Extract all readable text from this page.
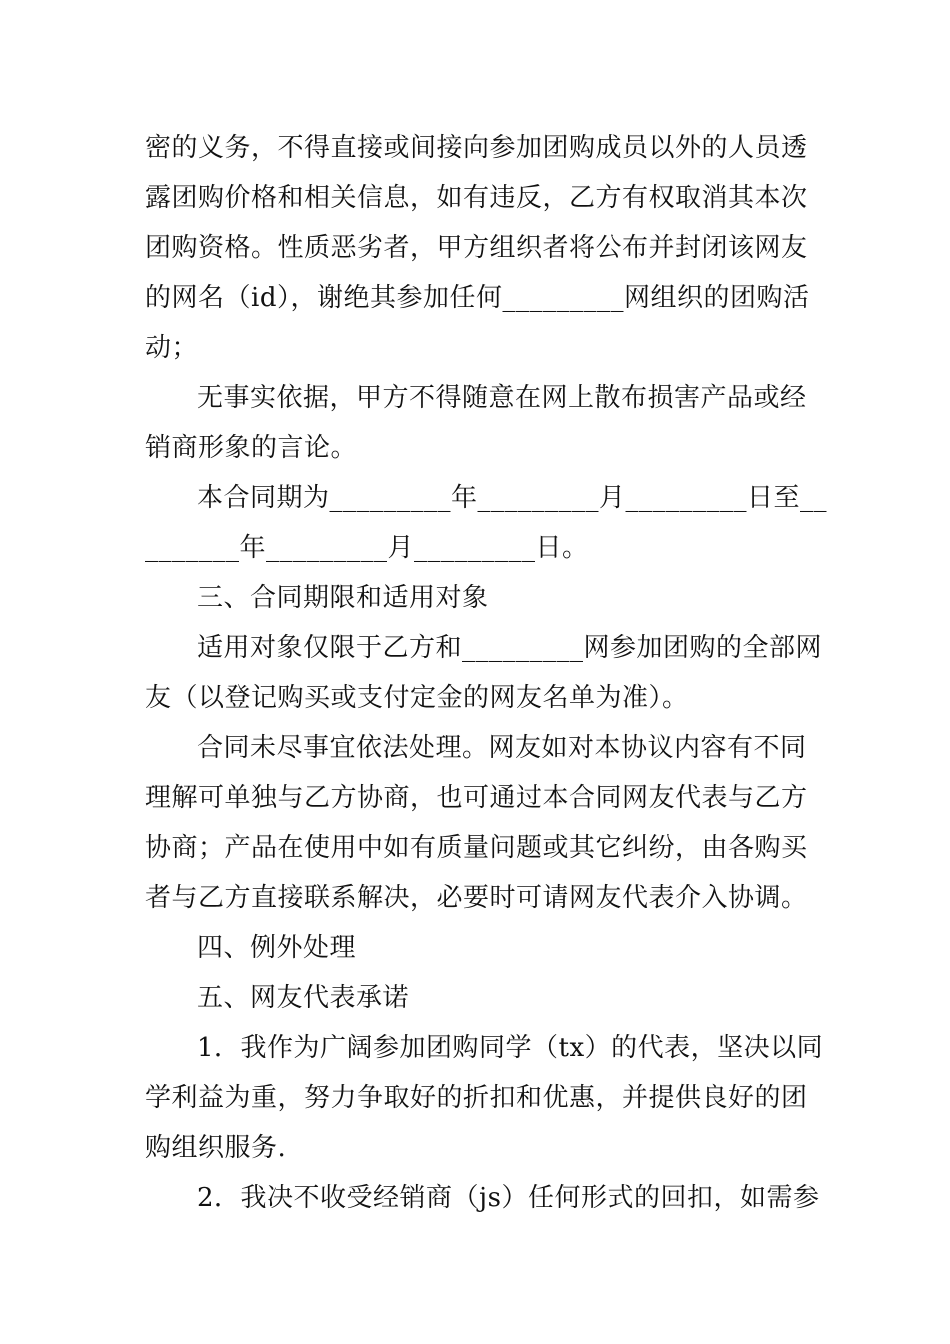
密的义务，不得直接或间接向参加团购成员以外的人员透
露团购价格和相关信息，如有违反，乙方有权取消其本次
团购资格。性质恶劣者，甲方组织者将公布并封闭该网友
的网名（id），谢绝其参加任何_________网组织的团购活
动；
无事实依据，甲方不得随意在网上散布损害产品或经
销商形象的言论。
本合同期为_________年_________月_________日至__
_______年_________月_________日。
三、合同期限和适用对象
适用对象仅限于乙方和_________网参加团购的全部网
友（以登记购买或支付定金的网友名单为准）。
合同未尽事宜依法处理。网友如对本协议内容有不同
理解可单独与乙方协商，也可通过本合同网友代表与乙方
协商；产品在使用中如有质量问题或其它纠纷，由各购买
者与乙方直接联系解决，必要时可请网友代表介入协调。
四、例外处理
五、网友代表承诺
1．我作为广阔参加团购同学（tx）的代表，坚决以同
学利益为重，努力争取好的折扣和优惠，并提供良好的团
购组织服务.
2．我决不收受经销商（js）任何形式的回扣，如需参
